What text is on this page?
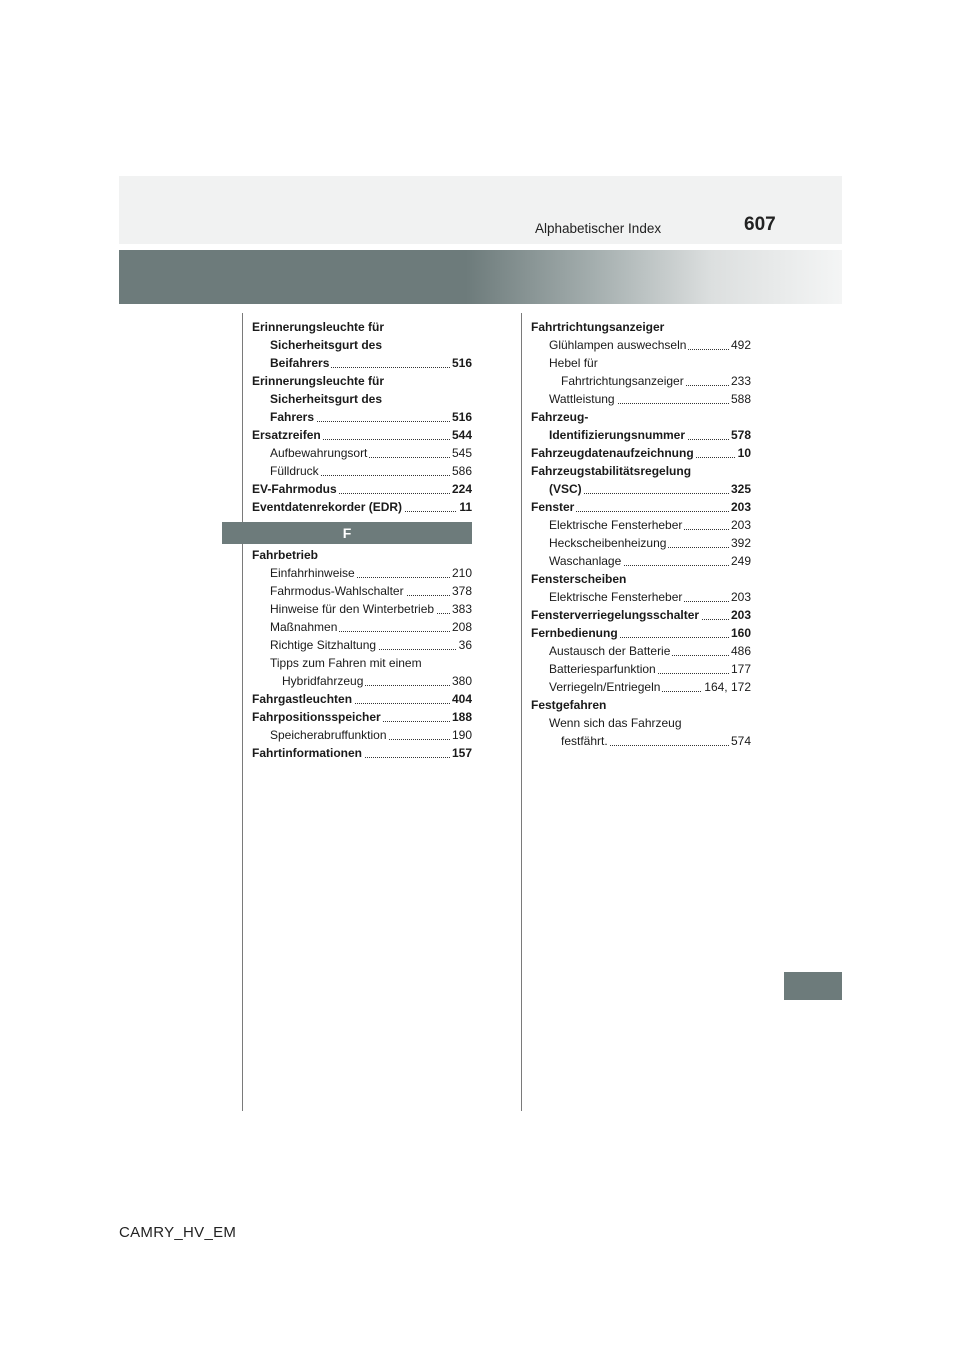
Alphabetischer Index	607
Erinnerungsleuchte für
Sicherheitsgurt des
Beifahrers	516
Erinnerungsleuchte für
Sicherheitsgurt des
Fahrers	516
Ersatzreifen	544
Aufbewahrungsort	545
Fülldruck	586
EV-Fahrmodus	224
Eventdatenrekorder (EDR)	11
F
Fahrbetrieb
Einfahrhinweise	210
Fahrmodus-Wahlschalter	378
Hinweise für den Winterbetrieb 383
Maßnahmen	208
Richtige Sitzhaltung	36
Tipps zum Fahren mit einem
Hybridfahrzeug	380
Fahrgastleuchten	404
Fahrpositionsspeicher	188
Speicherabruffunktion	190
Fahrtinformationen	157
Fahrtrichtungsanzeiger
Glühlampen auswechseln	492
Hebel für
Fahrtrichtungsanzeiger	233
Wattleistung	588
Fahrzeug-
Identifizierungsnummer	578
Fahrzeugdatenaufzeichnung	10
Fahrzeugstabilitätsregelung
(VSC)	325
Fenster	203
Elektrische Fensterheber	203
Heckscheibenheizung	392
Waschanlage	249
Fensterscheiben
Elektrische Fensterheber	203
Fensterverriegelungsschalter	203
Fernbedienung	160
Austausch der Batterie	486
Batteriesparfunktion	177
Verriegeln/Entriegeln	164, 172
Festgefahren
Wenn sich das Fahrzeug
festfährt.	574
CAMRY_HV_EM
